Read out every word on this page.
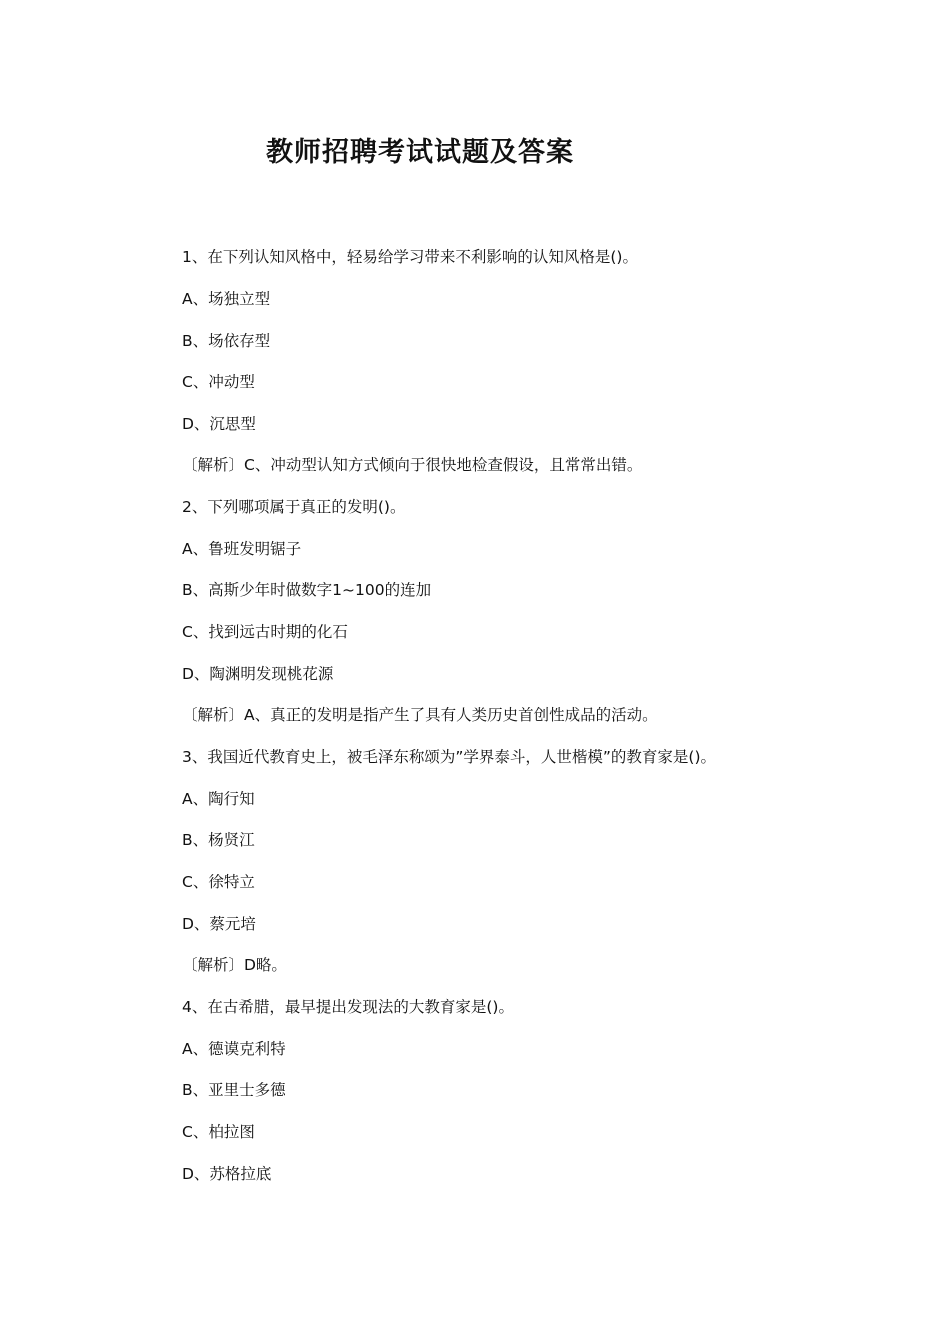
教师招聘考试试题及答案
1、在下列认知风格中，轻易给学习带来不利影响的认知风格是()。
A、场独立型
B、场依存型
C、冲动型
D、沉思型
〔解析〕C、冲动型认知方式倾向于很快地检查假设，且常常出错。
2、下列哪项属于真正的发明()。
A、鲁班发明锯子
B、高斯少年时做数字1~100的连加
C、找到远古时期的化石
D、陶渊明发现桃花源
〔解析〕A、真正的发明是指产生了具有人类历史首创性成品的活动。
3、我国近代教育史上，被毛泽东称颂为”学界泰斗，人世楷模”的教育家是()。
A、陶行知
B、杨贤江
C、徐特立
D、蔡元培
〔解析〕D略。
4、在古希腊，最早提出发现法的大教育家是()。
A、德谟克利特
B、亚里士多德
C、柏拉图
D、苏格拉底
